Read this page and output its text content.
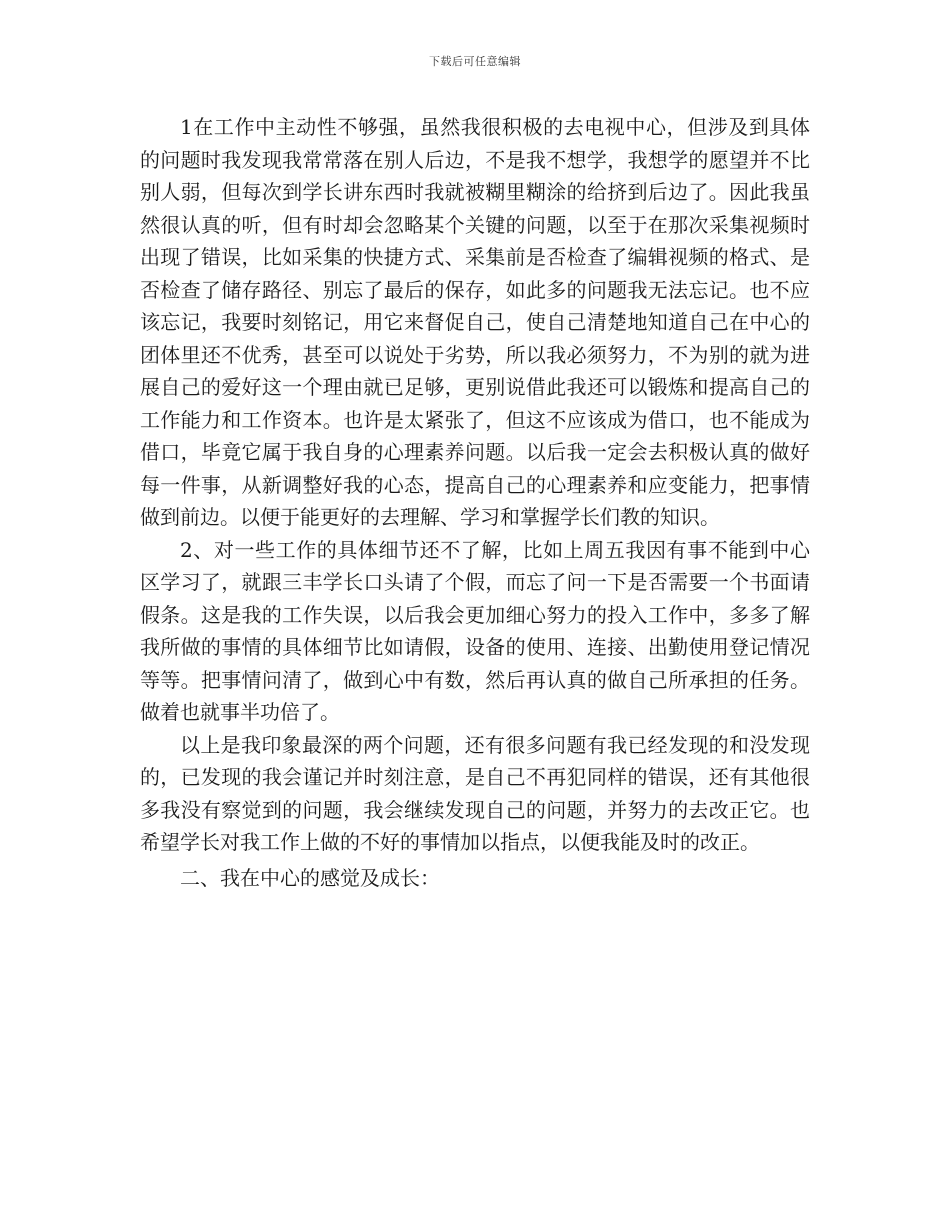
下载后可任意编辑

1在工作中主动性不够强，虽然我很积极的去电视中心，但涉及到具体的问题时我发现我常常落在别人后边，不是我不想学，我想学的愿望并不比别人弱，但每次到学长讲东西时我就被糊里糊涂的给挤到后边了。因此我虽然很认真的听，但有时却会忽略某个关键的问题，以至于在那次采集视频时出现了错误，比如采集的快捷方式、采集前是否检查了编辑视频的格式、是否检查了储存路径、别忘了最后的保存，如此多的问题我无法忘记。也不应该忘记，我要时刻铭记，用它来督促自己，使自己清楚地知道自己在中心的团体里还不优秀，甚至可以说处于劣势，所以我必须努力，不为别的就为进展自己的爱好这一个理由就已足够，更别说借此我还可以锻炼和提高自己的工作能力和工作资本。也许是太紧张了，但这不应该成为借口，也不能成为借口，毕竟它属于我自身的心理素养问题。以后我一定会去积极认真的做好每一件事，从新调整好我的心态，提高自己的心理素养和应变能力，把事情做到前边。以便于能更好的去理解、学习和掌握学长们教的知识。

2、对一些工作的具体细节还不了解，比如上周五我因有事不能到中心区学习了，就跟三丰学长口头请了个假，而忘了问一下是否需要一个书面请假条。这是我的工作失误，以后我会更加细心努力的投入工作中，多多了解我所做的事情的具体细节比如请假，设备的使用、连接、出勤使用登记情况等等。把事情问清了，做到心中有数，然后再认真的做自己所承担的任务。做着也就事半功倍了。

以上是我印象最深的两个问题，还有很多问题有我已经发现的和没发现的，已发现的我会谨记并时刻注意，是自己不再犯同样的错误，还有其他很多我没有察觉到的问题，我会继续发现自己的问题，并努力的去改正它。也希望学长对我工作上做的不好的事情加以指点，以便我能及时的改正。

二、我在中心的感觉及成长：
